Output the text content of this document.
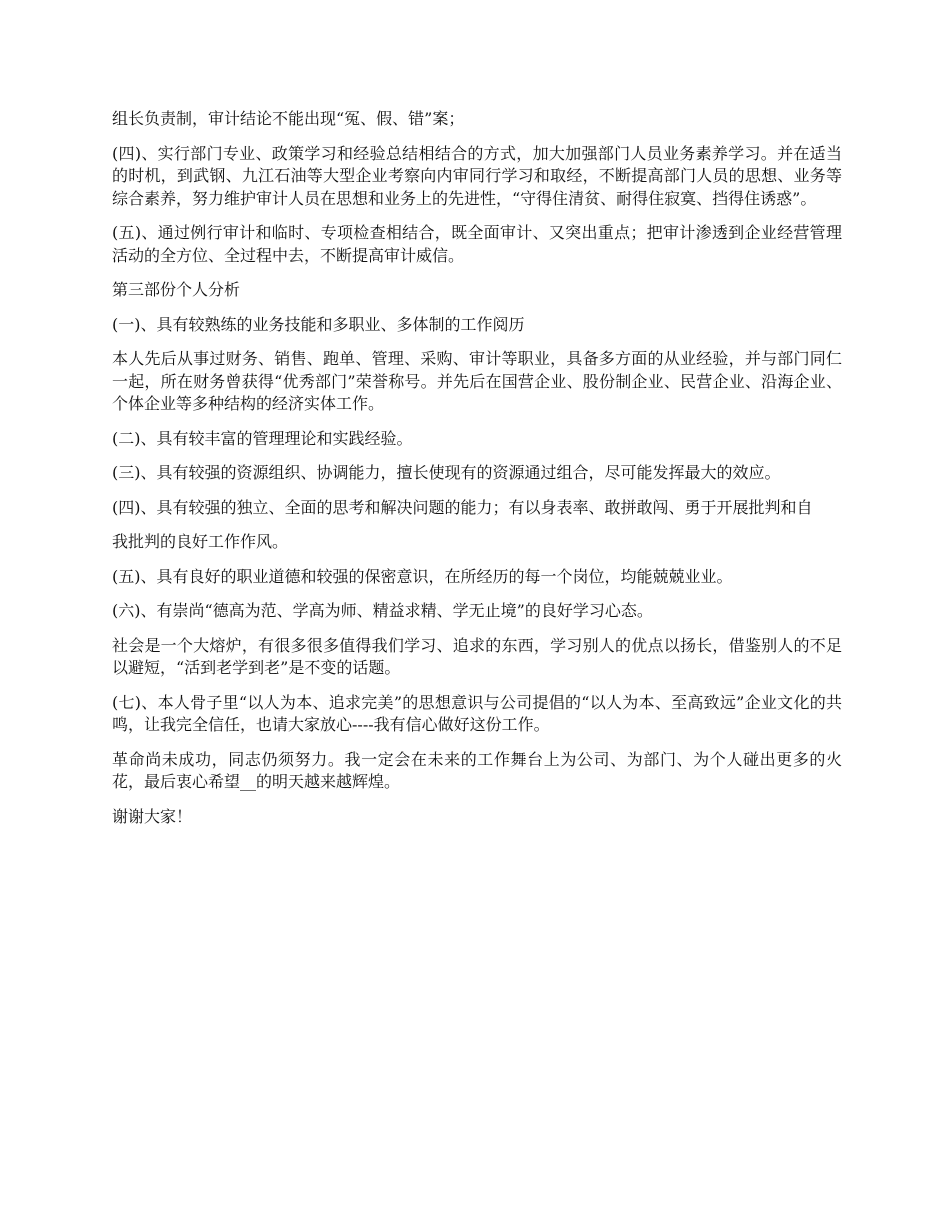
组长负责制，审计结论不能出现“冤、假、错”案；

(四)、实行部门专业、政策学习和经验总结相结合的方式，加大加强部门人员业务素养学习。并在适当的时机，到武钢、九江石油等大型企业考察向内审同行学习和取经，不断提高部门人员的思想、业务等综合素养，努力维护审计人员在思想和业务上的先进性，“守得住清贫、耐得住寂寞、挡得住诱惑”。

(五)、通过例行审计和临时、专项检查相结合，既全面审计、又突出重点；把审计渗透到企业经营管理活动的全方位、全过程中去，不断提高审计威信。

第三部份个人分析

(一)、具有较熟练的业务技能和多职业、多体制的工作阅历

本人先后从事过财务、销售、跑单、管理、采购、审计等职业，具备多方面的从业经验，并与部门同仁一起，所在财务曾获得“优秀部门”荣誉称号。并先后在国营企业、股份制企业、民营企业、沿海企业、个体企业等多种结构的经济实体工作。

(二)、具有较丰富的管理理论和实践经验。

(三)、具有较强的资源组织、协调能力，擅长使现有的资源通过组合，尽可能发挥最大的效应。

(四)、具有较强的独立、全面的思考和解决问题的能力；有以身表率、敢拼敢闯、勇于开展批判和自

我批判的良好工作作风。

(五)、具有良好的职业道德和较强的保密意识，在所经历的每一个岗位，均能兢兢业业。

(六)、有崇尚“德高为范、学高为师、精益求精、学无止境”的良好学习心态。

社会是一个大熔炉，有很多很多值得我们学习、追求的东西，学习别人的优点以扬长，借鉴别人的不足以避短，“活到老学到老”是不变的话题。

(七)、本人骨子里“以人为本、追求完美”的思想意识与公司提倡的“以人为本、至高致远”企业文化的共鸣，让我完全信任，也请大家放心----我有信心做好这份工作。

革命尚未成功，同志仍须努力。我一定会在未来的工作舞台上为公司、为部门、为个人碰出更多的火花，最后衷心希望__的明天越来越辉煌。

谢谢大家！
